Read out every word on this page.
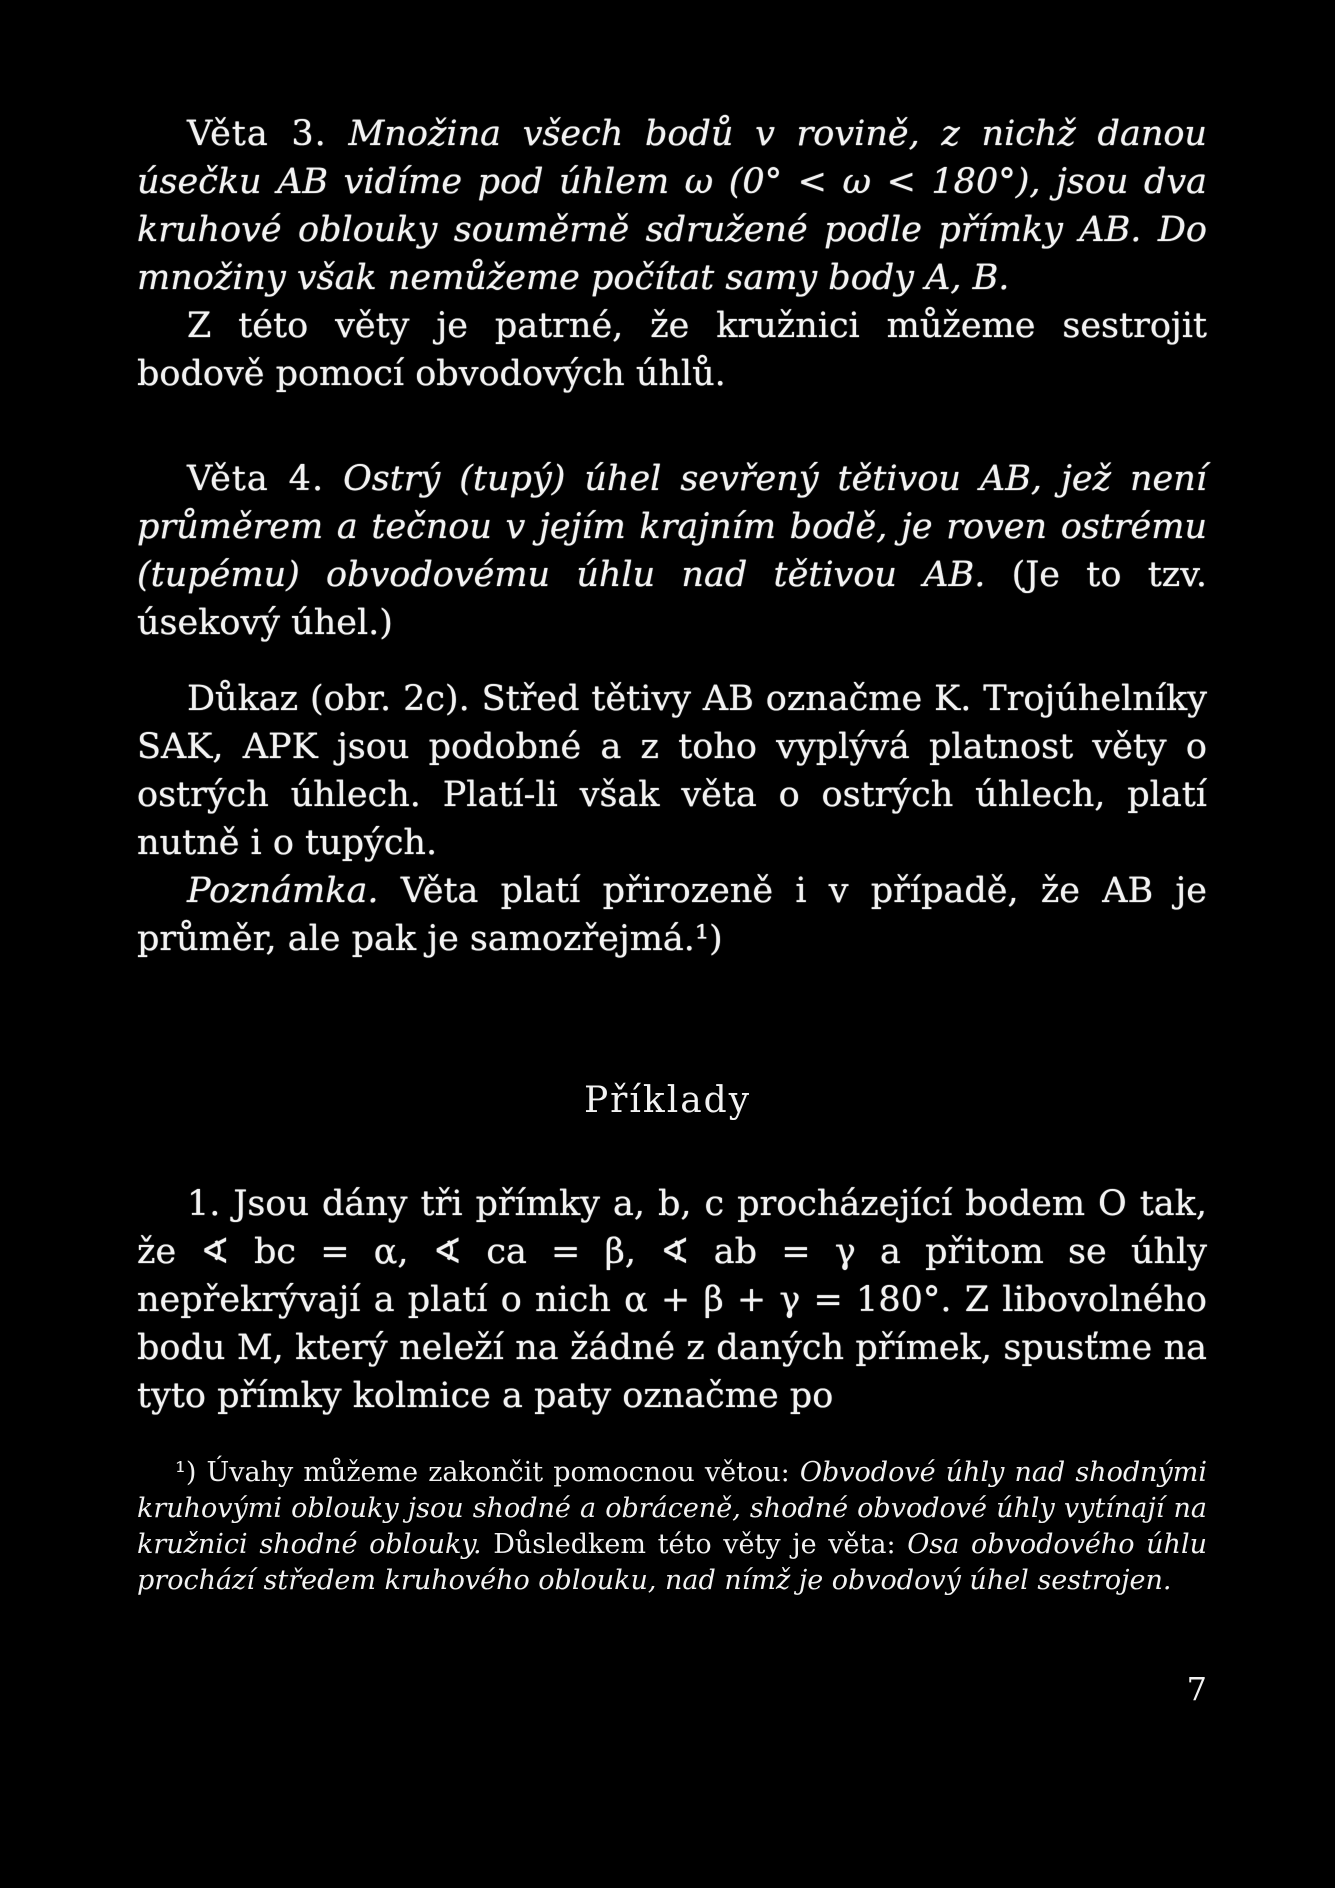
Věta 3. Množina všech bodů v rovině, z nichž danou úsečku AB vidíme pod úhlem ω (0° < ω < 180°), jsou dva kruhové oblouky souměrně sdružené podle přímky AB. Do množiny však nemůžeme počítat samy body A, B.

Z této věty je patrné, že kružnici můžeme sestrojit bodově pomocí obvodových úhlů.

Věta 4. Ostrý (tupý) úhel sevřený tětivou AB, jež není průměrem a tečnou v jejím krajním bodě, je roven ostrému (tupému) obvodovému úhlu nad tětivou AB. (Je to tzv. úsekový úhel.)

Důkaz (obr. 2c). Střed tětivy AB označme K. Trojúhelníky SAK, APK jsou podobné a z toho vyplývá platnost věty o ostrých úhlech. Platí-li však věta o ostrých úhlech, platí nutně i o tupých.

Poznámka. Věta platí přirozeně i v případě, že AB je průměr, ale pak je samozřejmá.¹)

Příklady

1. Jsou dány tři přímky a, b, c procházející bodem O tak, že ∢ bc = α, ∢ ca = β, ∢ ab = γ a přitom se úhly nepřekrývají a platí o nich α + β + γ = 180°. Z libovolného bodu M, který neleží na žádné z daných přímek, spusťme na tyto přímky kolmice a paty označme po

¹) Úvahy můžeme zakončit pomocnou větou: Obvodové úhly nad shodnými kruhovými oblouky jsou shodné a obráceně, shodné obvodové úhly vytínají na kružnici shodné oblouky. Důsledkem této věty je věta: Osa obvodového úhlu prochází středem kruhového oblouku, nad nímž je obvodový úhel sestrojen.

7
